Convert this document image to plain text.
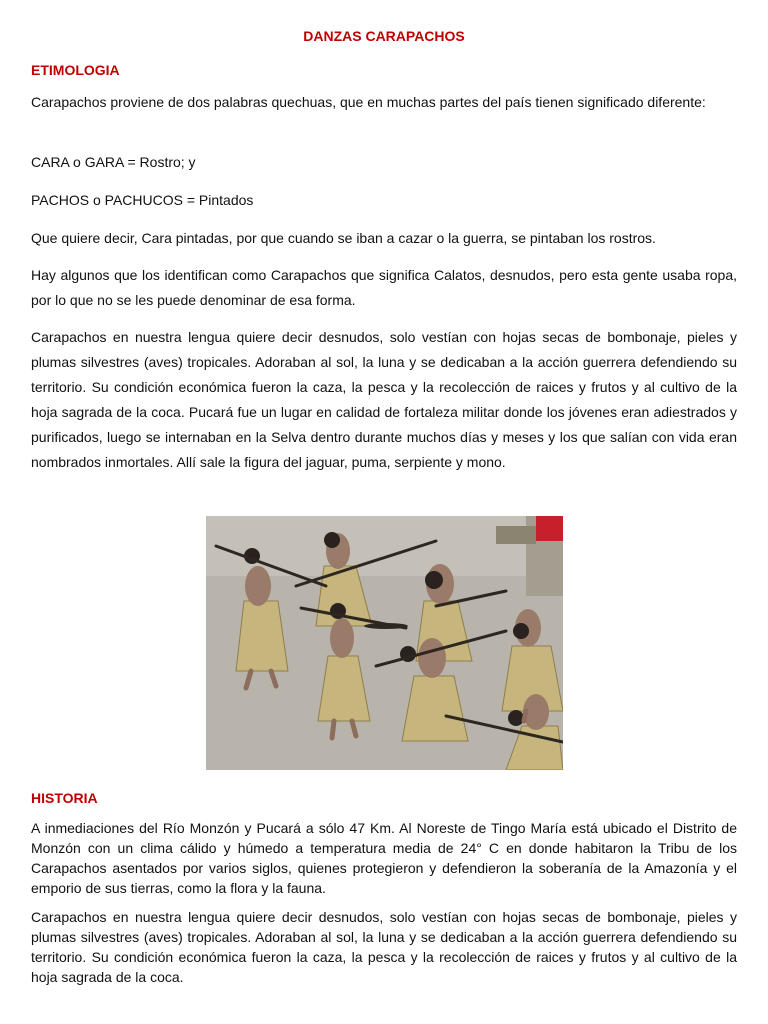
DANZAS CARAPACHOS
ETIMOLOGIA

Carapachos proviene de dos palabras quechuas, que en muchas partes del país tienen significado diferente:

CARA o GARA = Rostro; y

PACHOS o PACHUCOS = Pintados

Que quiere decir, Cara pintadas, por que cuando se iban a cazar o la guerra, se pintaban los rostros.

Hay algunos que los identifican como Carapachos que significa Calatos, desnudos, pero esta gente usaba ropa, por lo que no se les puede denominar de esa forma.

Carapachos en nuestra lengua quiere decir desnudos, solo vestían con hojas secas de bombonaje, pieles y plumas silvestres (aves) tropicales. Adoraban al sol, la luna y se dedicaban a la acción guerrera defendiendo su territorio. Su condición económica fueron la caza, la pesca y la recolección de raices y frutos y al cultivo de la hoja sagrada de la coca. Pucará fue un lugar en calidad de fortaleza militar donde los jóvenes eran adiestrados y purificados, luego se internaban en la Selva dentro durante muchos días y meses y los que salían con vida eran nombrados inmortales. Allí sale la figura del jaguar, puma, serpiente y mono.

HISTORIA

A inmediaciones del Río Monzón y Pucará a sólo 47 Km. Al Noreste de Tingo María está ubicado el Distrito de Monzón con un clima cálido y húmedo a temperatura media de 24° C en donde habitaron la Tribu de los Carapachos asentados por varios siglos, quienes protegieron y defendieron la soberanía de la Amazonía y el emporio de sus tierras, como la flora y la fauna.

Carapachos en nuestra lengua quiere decir desnudos, solo vestían con hojas secas de bombonaje, pieles y plumas silvestres (aves) tropicales. Adoraban al sol, la luna y se dedicaban a la acción guerrera defendiendo su territorio. Su condición económica fueron la caza, la pesca y la recolección de raices y frutos y al cultivo de la hoja sagrada de la coca.
